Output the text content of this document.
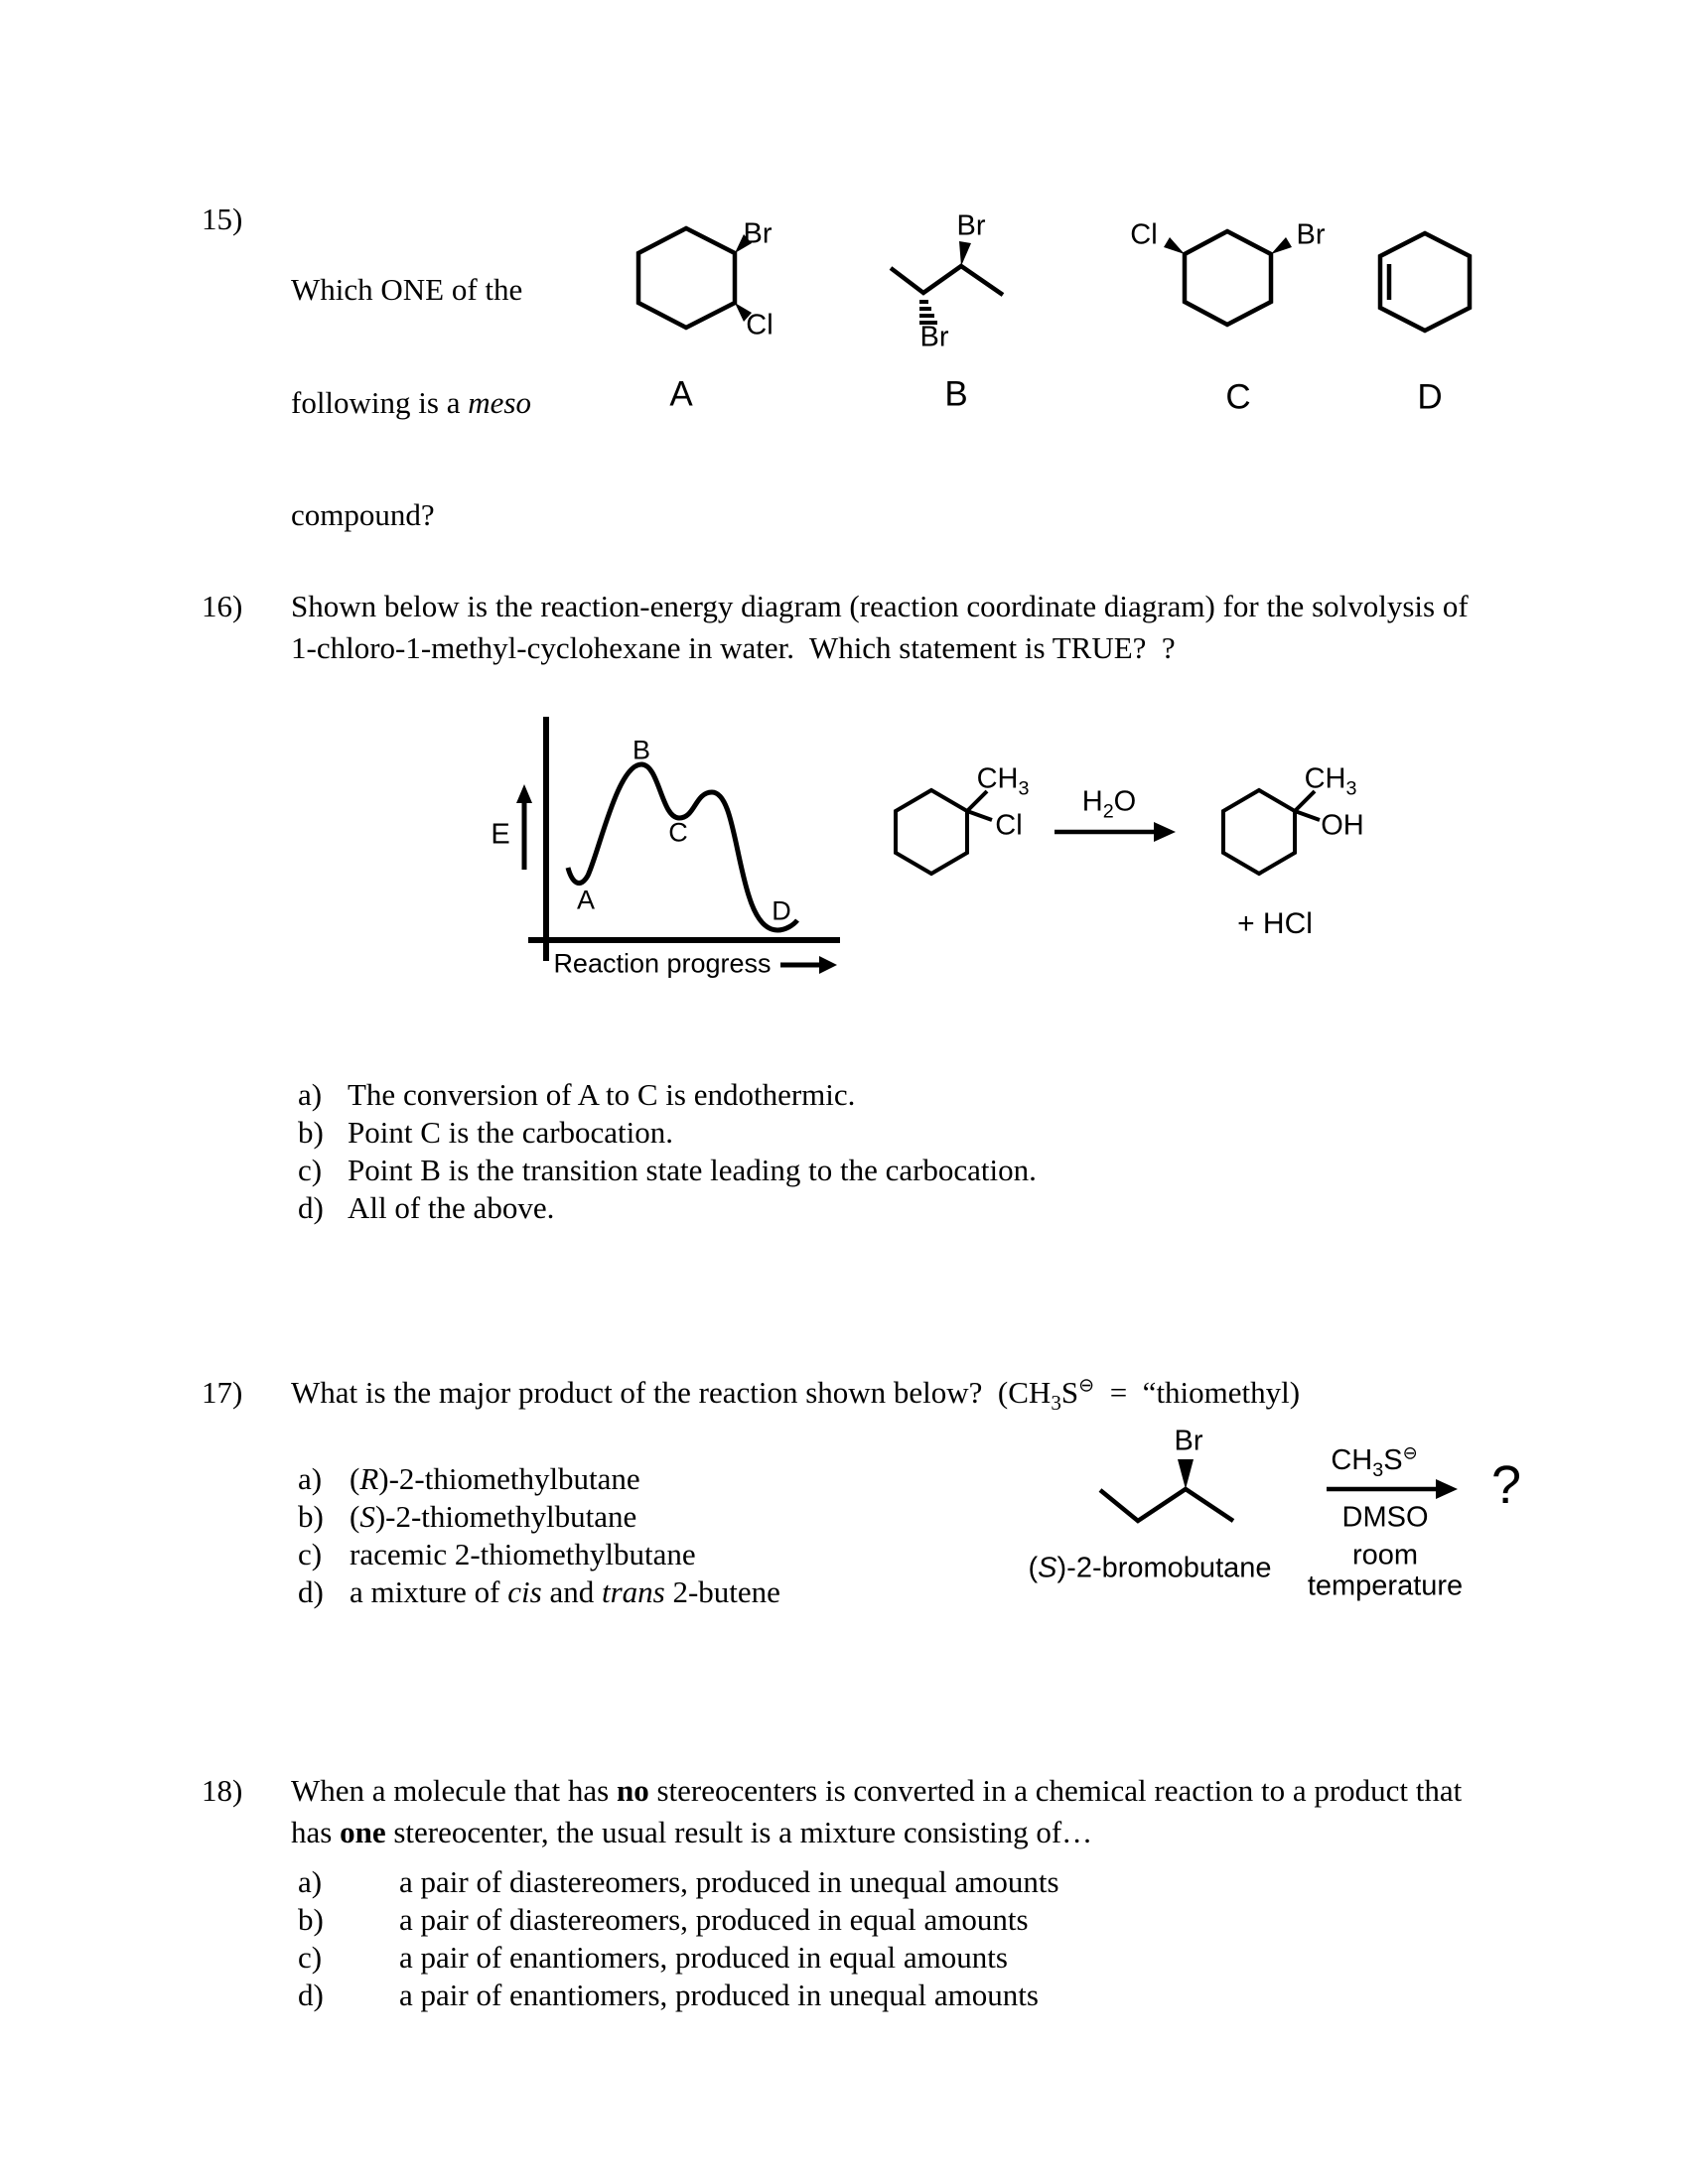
15)

Which ONE of the

following is a meso

compound?

Br
Cl
Br
Br
Cl	Br
A	B	C	D
16) Shown below is the reaction-energy diagram (reaction coordinate diagram) for the solvolysis of
1-chloro-1-methyl-cyclohexane in water.  Which statement is TRUE?  ?
E
A
B
C
D
Reaction progress
$CH_3$
Cl
$H_2O$
$CH_3$
OH
+ HCl
a) The conversion of A to C is endothermic.
b) Point C is the carbocation.
c) Point B is the transition state leading to the carbocation.
d) All of the above.
17) What is the major product of the reaction shown below?  ($CH_3S^⊖$  =  “thiomethyl)
a) (R)-2-thiomethylbutane
b) (S)-2-thiomethylbutane
c) racemic 2-thiomethylbutane
d) a mixture of cis and trans 2-butene
Br
(S)-2-bromobutane
$CH_3S^⊖$
DMSO
room
temperature
?
18) When a molecule that has no stereocenters is converted in a chemical reaction to a product that
has one stereocenter, the usual result is a mixture consisting of…
a)	a pair of diastereomers, produced in unequal amounts
b) a pair of diastereomers, produced in equal amounts
c)	a pair of enantiomers, produced in equal amounts
d) a pair of enantiomers, produced in unequal amounts
